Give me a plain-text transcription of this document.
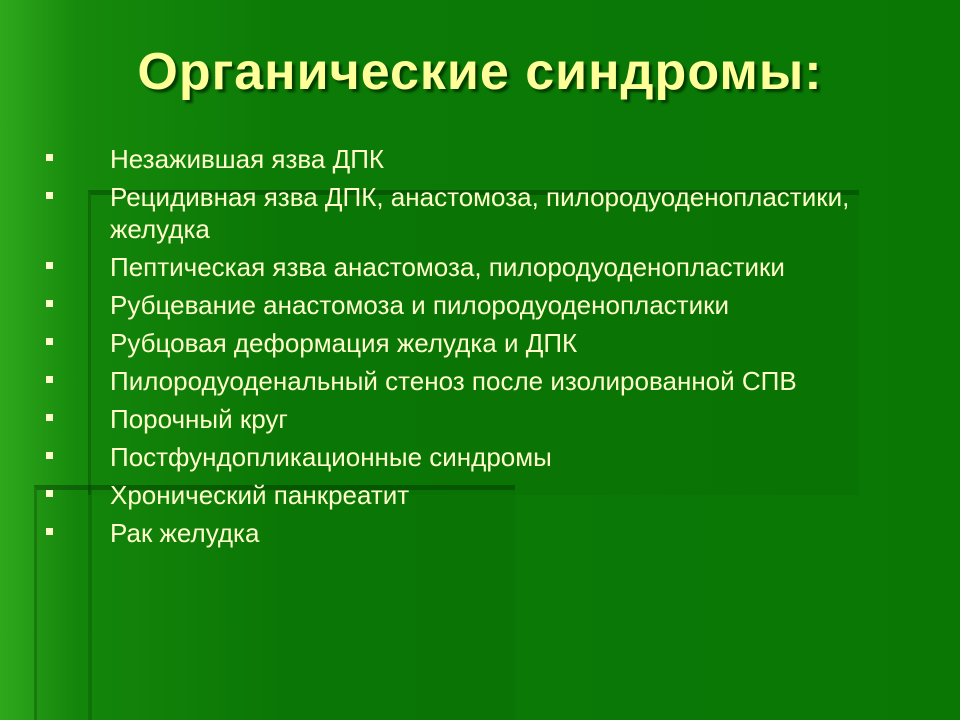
Органические синдромы:
Незажившая язва ДПК
Рецидивная язва ДПК, анастомоза, пилородуоденопластики, желудка
Пептическая язва анастомоза, пилородуоденопластики
Рубцевание анастомоза и пилородуоденопластики
Рубцовая деформация желудка и ДПК
Пилородуоденальный стеноз после изолированной СПВ
Порочный круг
Постфундопликационные синдромы
Хронический панкреатит
Рак желудка
